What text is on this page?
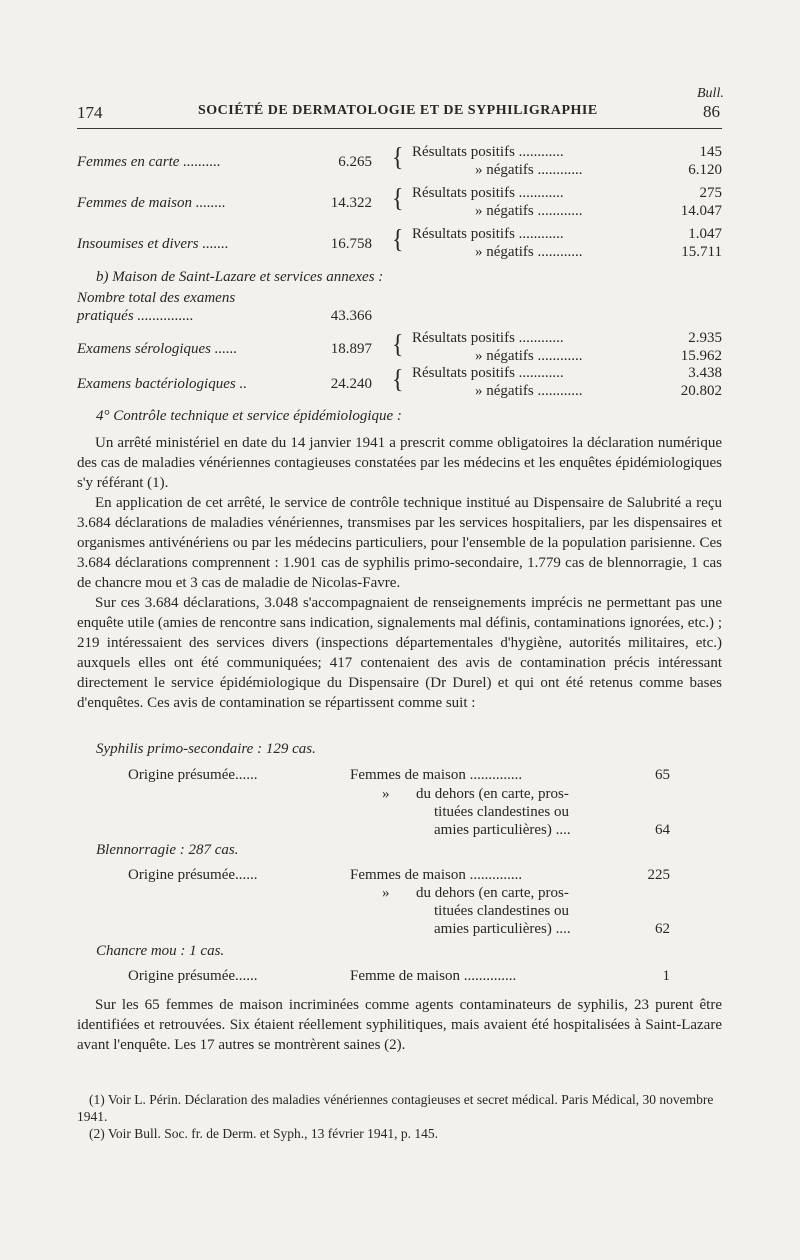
Bull.
174	SOCIÉTÉ DE DERMATOLOGIE ET DE SYPHILIGRAPHIE	86
Femmes en carte ..........	6.265 { Résultats positifs ............	145
» négatifs ............	6.120
Femmes de maison ........	14.322 { Résultats positifs ............	275
» négatifs ............	14.047
Insoumises et divers .......	16.758 { Résultats positifs ............	1.047
» négatifs ............	15.711
b) Maison de Saint-Lazare et services annexes :
Nombre total des examens
pratiqués ...............	43.366
Examens sérologiques ......	18.897 { Résultats positifs ............	2.935
» négatifs ............	15.962
Examens bactériologiques ..	24.240 { Résultats positifs ............	3.438
» négatifs ............	20.802
4° Contrôle technique et service épidémiologique :

Un arrêté ministériel en date du 14 janvier 1941 a prescrit comme obligatoires la déclaration numérique des cas de maladies vénériennes contagieuses constatées par les médecins et les enquêtes épidémiologiques s'y référant (1).

En application de cet arrêté, le service de contrôle technique institué au Dispensaire de Salubrité a reçu 3.684 déclarations de maladies vénériennes, transmises par les services hospitaliers, par les dispensaires et organismes antivénériens ou par les médecins particuliers, pour l'ensemble de la population parisienne. Ces 3.684 déclarations comprennent : 1.901 cas de syphilis primo-secondaire, 1.779 cas de blennorragie, 1 cas de chancre mou et 3 cas de maladie de Nicolas-Favre.

Sur ces 3.684 déclarations, 3.048 s'accompagnaient de renseignements imprécis ne permettant pas une enquête utile (amies de rencontre sans indication, signalements mal définis, contaminations ignorées, etc.) ; 219 intéressaient des services divers (inspections départementales d'hygiène, autorités militaires, etc.) auxquels elles ont été communiquées; 417 contenaient des avis de contamination précis intéressant directement le service épidémiologique du Dispensaire (Dr Durel) et qui ont été retenus comme bases d'enquêtes. Ces avis de contamination se répartissent comme suit :

Syphilis primo-secondaire : 129 cas.
Origine présumée......	Femmes de maison ..............	65
» du dehors (en carte, pros-
tituées clandestines ou
amies particulières) ....	64
Blennorragie : 287 cas.
Origine présumée......	Femmes de maison ..............	225
» du dehors (en carte, pros-
tituées clandestines ou
amies particulières) ....	62
Chancre mou : 1 cas.
Origine présumée......	Femme de maison ..............	1

Sur les 65 femmes de maison incriminées comme agents contaminateurs de syphilis, 23 purent être identifiées et retrouvées. Six étaient réellement syphilitiques, mais avaient été hospitalisées à Saint-Lazare avant l'enquête. Les 17 autres se montrèrent saines (2).

(1) Voir L. Périn. Déclaration des maladies vénériennes contagieuses et secret médical. Paris Médical, 30 novembre 1941.

(2) Voir Bull. Soc. fr. de Derm. et Syph., 13 février 1941, p. 145.
